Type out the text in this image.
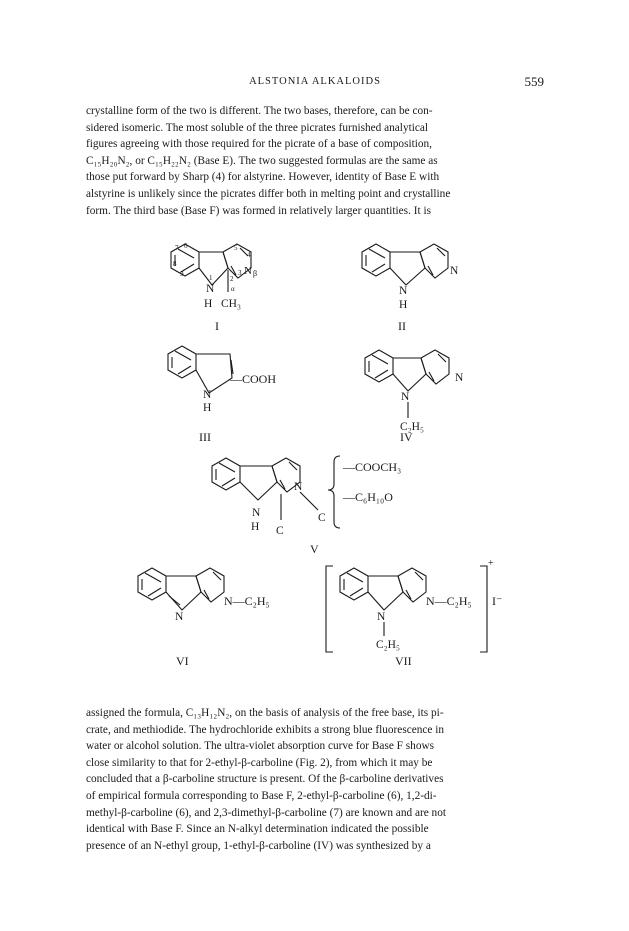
ALSTONIA ALKALOIDS	559
crystalline form of the two is different. The two bases, therefore, can be con-
sidered isomeric. The most soluble of the three picrates furnished analytical
figures agreeing with those required for the picrate of a base of composition,
C₁₅H₂₀N₂, or C₁₅H₂₂N₂ (Base E). The two suggested formulas are the same as
those put forward by Sharp (4) for alstyrine. However, identity of Base E with
alstyrine is unlikely since the picrates differ both in melting point and crystalline
form. The third base (Base F) was formed in relatively larger quantities. It is
N
H CH₃
N β
7 6	5
4
8
9	3
1	2
α
I
N
N
H
II
N
H
—COOH
III
N
N
C₂H₅
IV
N
N
H
C
C
—COOCH₃
—C₆H₁₀O
V
N
N—C₂H₅
VI
N
N—C₂H₅
C₂H₅
+
I⁻
VII
assigned the formula, C₁₃H₁₂N₂, on the basis of analysis of the free base, its pi-
crate, and methiodide. The hydrochloride exhibits a strong blue fluorescence in
water or alcohol solution. The ultra-violet absorption curve for Base F shows
close similarity to that for 2-ethyl-β-carboline (Fig. 2), from which it may be
concluded that a β-carboline structure is present. Of the β-carboline derivatives
of empirical formula corresponding to Base F, 2-ethyl-β-carboline (6), 1,2-di-
methyl-β-carboline (6), and 2,3-dimethyl-β-carboline (7) are known and are not
identical with Base F. Since an N-alkyl determination indicated the possible
presence of an N-ethyl group, 1-ethyl-β-carboline (IV) was synthesized by a
